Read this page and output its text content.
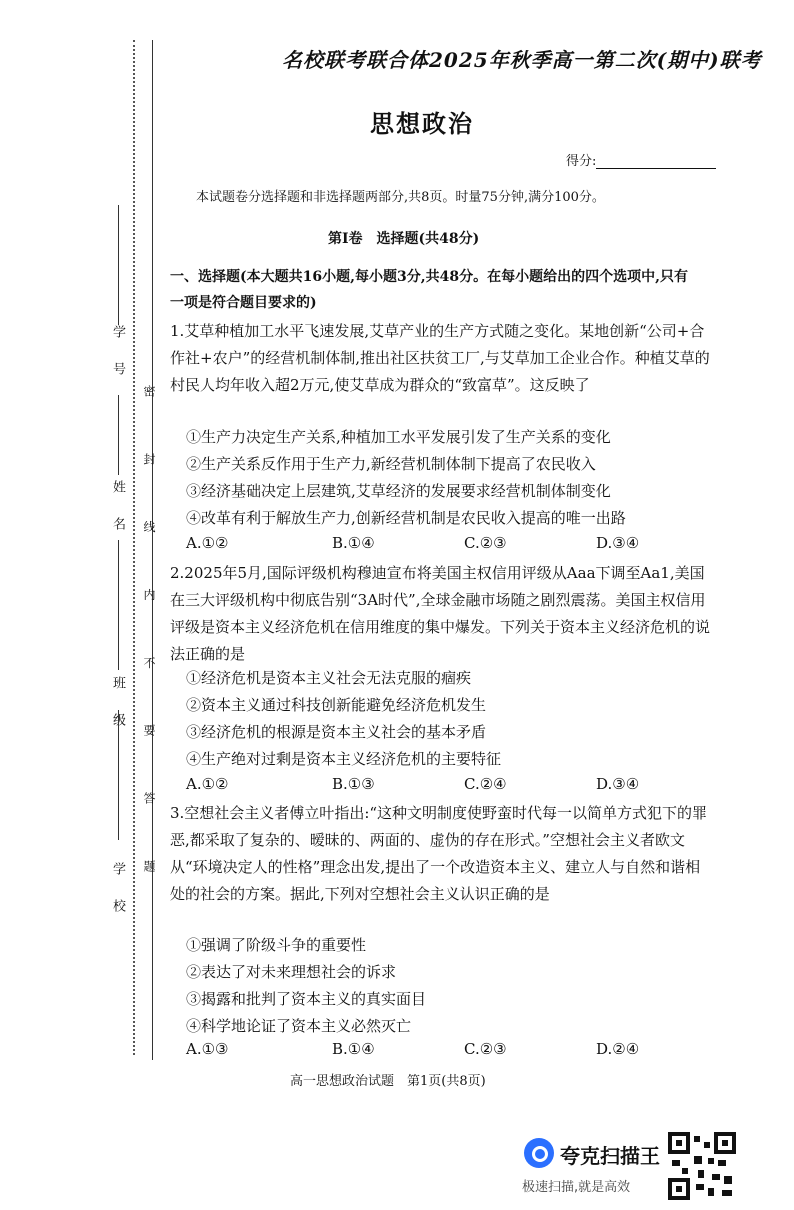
学 号
姓 名
班 级
学 校 密 封 线 内 不 要 答 题
名校联考联合体2025年秋季高一第二次(期中)联考
思想政治
得分:
本试题卷分选择题和非选择题两部分,共8页。时量75分钟,满分100分。
第Ⅰ卷　选择题(共48分)
一、选择题(本大题共16小题,每小题3分,共48分。在每小题给出的四个选项中,只有一项是符合题目要求的)
1.艾草种植加工水平飞速发展,艾草产业的生产方式随之变化。某地创新“公司+合作社+农户”的经营机制体制,推出社区扶贫工厂,与艾草加工企业合作。种植艾草的村民人均年收入超2万元,使艾草成为群众的“致富草”。这反映了
①生产力决定生产关系,种植加工水平发展引发了生产关系的变化
②生产关系反作用于生产力,新经营机制体制下提高了农民收入
③经济基础决定上层建筑,艾草经济的发展要求经营机制体制变化
④改革有利于解放生产力,创新经营机制是农民收入提高的唯一出路
A.①②	B.①④	C.②③	D.③④
2.2025年5月,国际评级机构穆迪宣布将美国主权信用评级从Aaa下调至Aa1,美国在三大评级机构中彻底告别“3A时代”,全球金融市场随之剧烈震荡。美国主权信用评级是资本主义经济危机在信用维度的集中爆发。下列关于资本主义经济危机的说法正确的是
①经济危机是资本主义社会无法克服的痼疾
②资本主义通过科技创新能避免经济危机发生
③经济危机的根源是资本主义社会的基本矛盾
④生产绝对过剩是资本主义经济危机的主要特征
A.①②	B.①③	C.②④	D.③④
3.空想社会主义者傅立叶指出:“这种文明制度使野蛮时代每一以简单方式犯下的罪恶,都采取了复杂的、暧昧的、两面的、虚伪的存在形式。”空想社会主义者欧文从“环境决定人的性格”理念出发,提出了一个改造资本主义、建立人与自然和谐相处的社会的方案。据此,下列对空想社会主义认识正确的是
①强调了阶级斗争的重要性
②表达了对未来理想社会的诉求
③揭露和批判了资本主义的真实面目
④科学地论证了资本主义必然灭亡
A.①③	B.①④	C.②③	D.②④
高一思想政治试题　第1页(共8页)
夸克扫描王
极速扫描,就是高效
